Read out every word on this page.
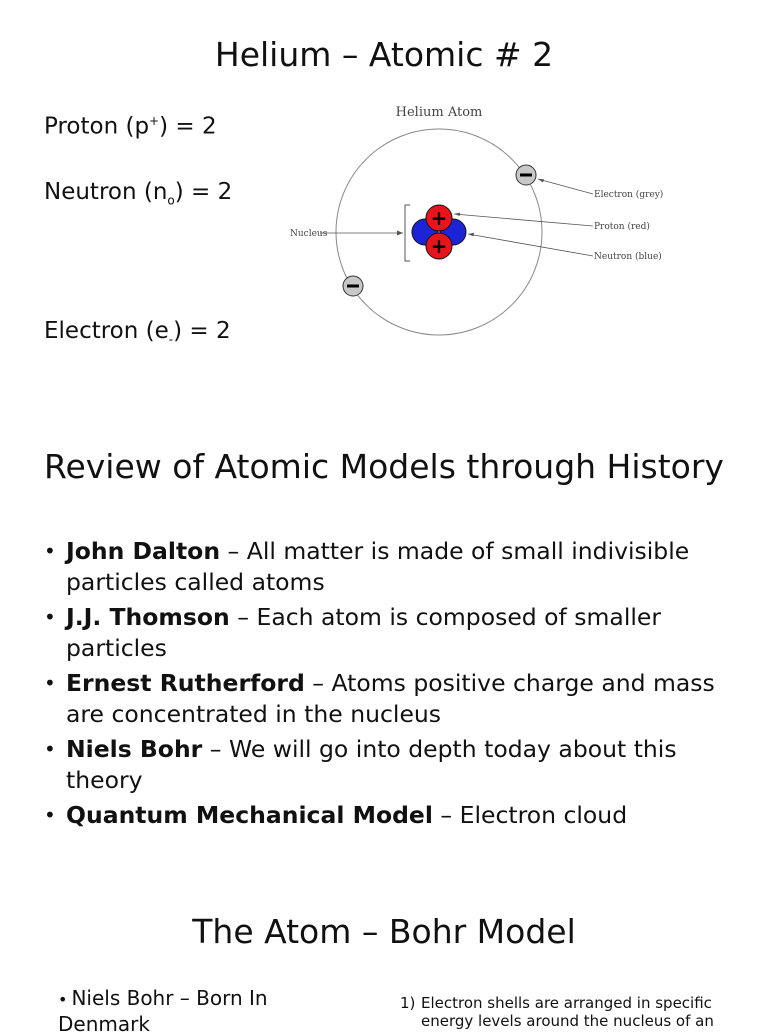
Helium – Atomic # 2
Proton (p+) = 2
Neutron $(n_o) = 2$
Electron $(e_-) = 2$
Helium Atom
+
+
Nucleus
Electron (grey)
Proton (red)
Neutron (blue)
Review of Atomic Models through History
• John Dalton – All matter is made of small indivisible particles called atoms
• J.J. Thomson – Each atom is composed of smaller particles
• Ernest Rutherford – Atoms positive charge and mass are concentrated in the nucleus
• Niels Bohr – We will go into depth today about this theory
• Quantum Mechanical Model – Electron cloud
The Atom – Bohr Model
• Niels Bohr – Born In Denmark
1) Electron shells are arranged in specific energy levels around the nucleus of an
